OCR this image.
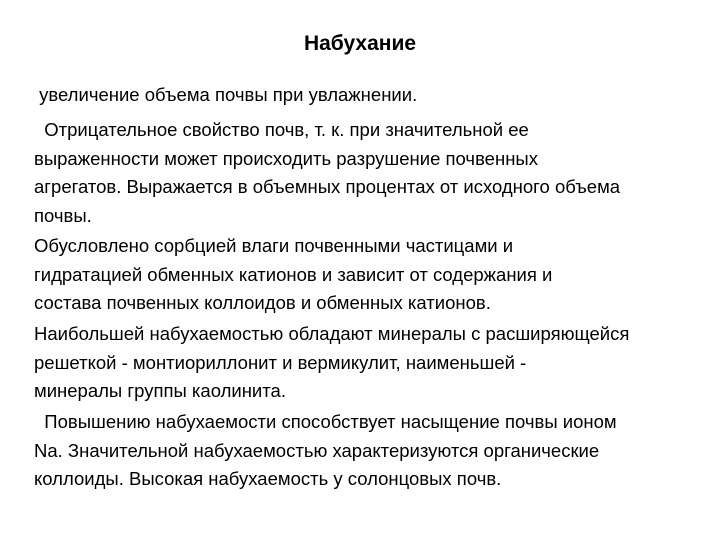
Набухание

увеличение объема почвы при увлажнении.

Отрицательное свойство почв, т. к. при значительной ее
выраженности может происходить разрушение почвенных
агрегатов. Выражается в объемных процентах от исходного объема
почвы.

Обусловлено сорбцией влаги почвенными частицами и
гидратацией обменных катионов и зависит от содержания и
состава почвенных коллоидов и обменных катионов.

Наибольшей набухаемостью обладают минералы с расширяющейся
решеткой - монтиориллонит и вермикулит, наименьшей -
минералы группы каолинита.

Повышению набухаемости способствует насыщение почвы ионом
Na. Значительной набухаемостью характеризуются органические
коллоиды. Высокая набухаемость у солонцовых почв.
